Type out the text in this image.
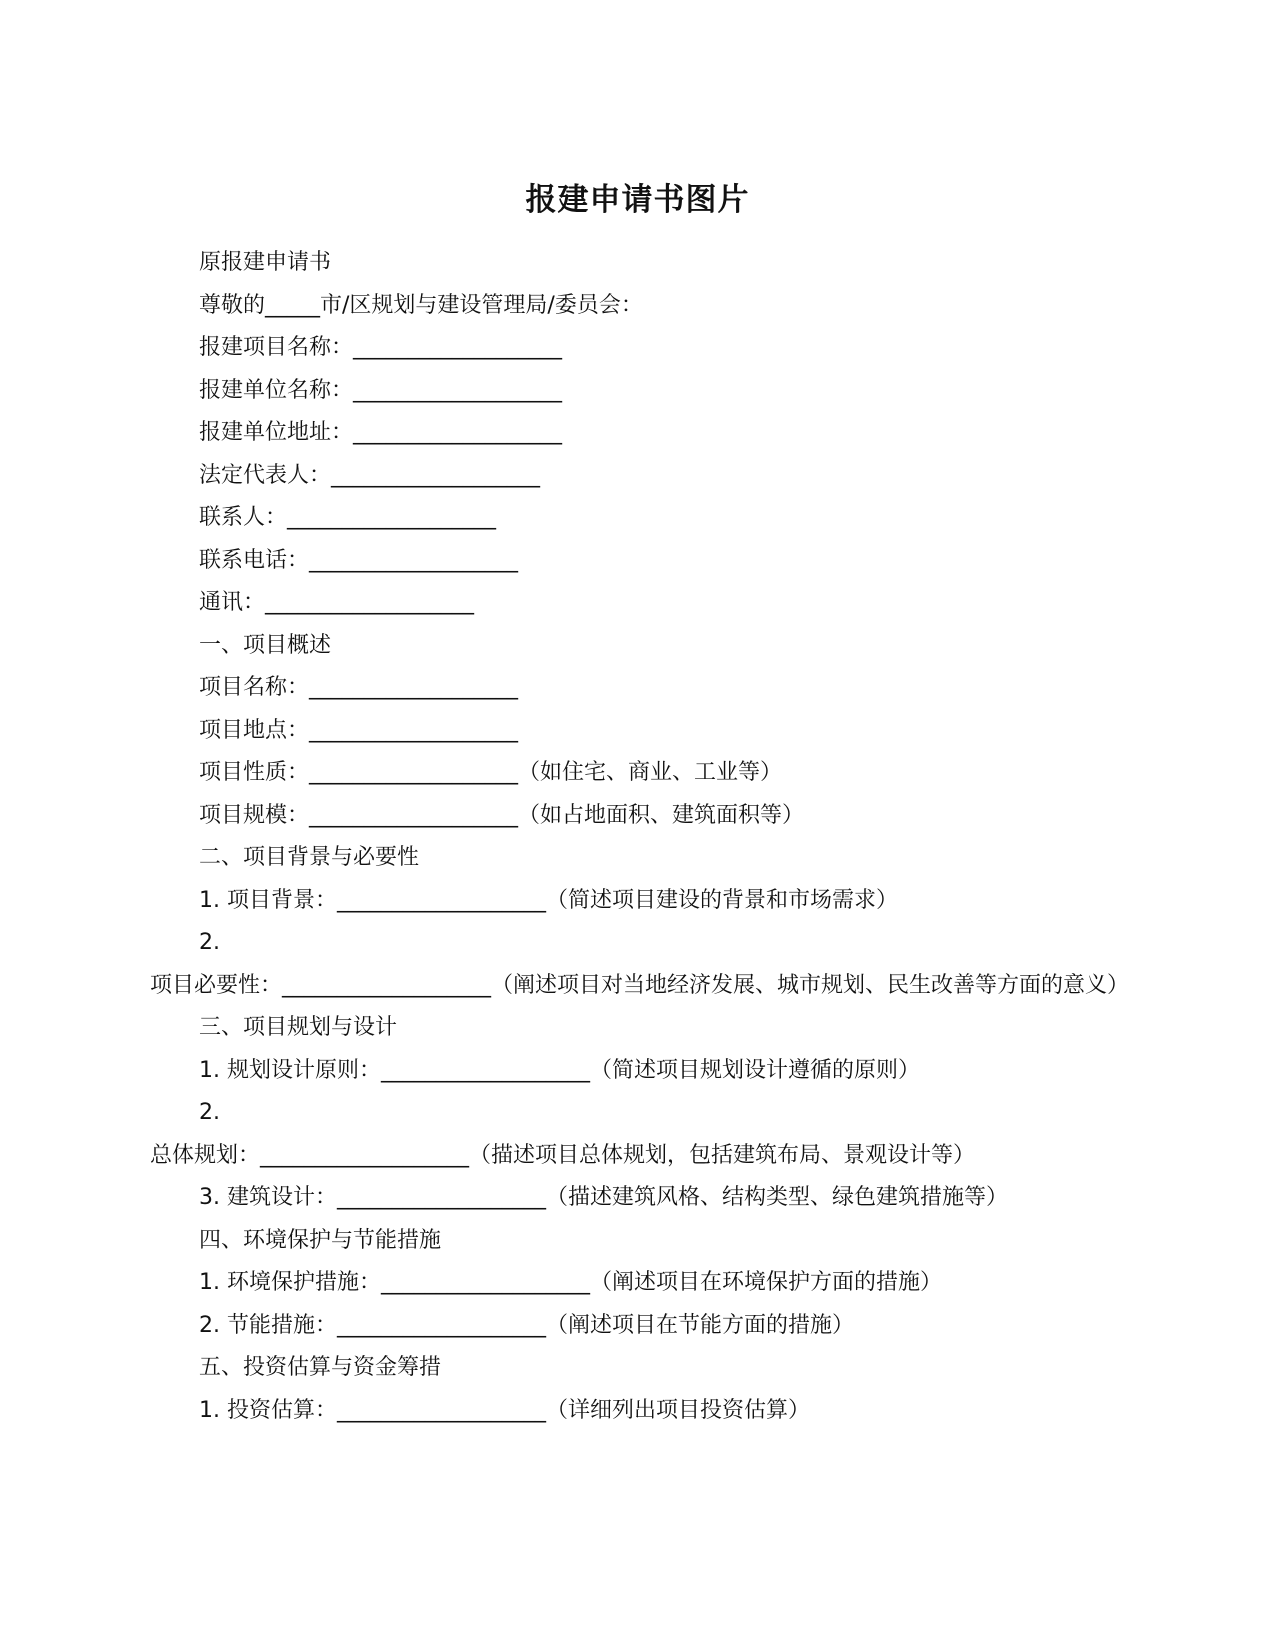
报建申请书图片
原报建申请书
尊敬的_____市/区规划与建设管理局/委员会：
报建项目名称：___________________
报建单位名称：___________________
报建单位地址：___________________
法定代表人：___________________
联系人：___________________
联系电话：___________________
通讯：___________________
一、项目概述
项目名称：___________________
项目地点：___________________
项目性质：___________________（如住宅、商业、工业等）
项目规模：___________________（如占地面积、建筑面积等）
二、项目背景与必要性
1. 项目背景：___________________（简述项目建设的背景和市场需求）
2.
项目必要性：___________________（阐述项目对当地经济发展、城市规划、民生改善等方面的意义）
三、项目规划与设计
1. 规划设计原则：___________________（简述项目规划设计遵循的原则）
2.
总体规划：___________________（描述项目总体规划，包括建筑布局、景观设计等）
3. 建筑设计：___________________（描述建筑风格、结构类型、绿色建筑措施等）
四、环境保护与节能措施
1. 环境保护措施：___________________（阐述项目在环境保护方面的措施）
2. 节能措施：___________________（阐述项目在节能方面的措施）
五、投资估算与资金筹措
1. 投资估算：___________________（详细列出项目投资估算）
